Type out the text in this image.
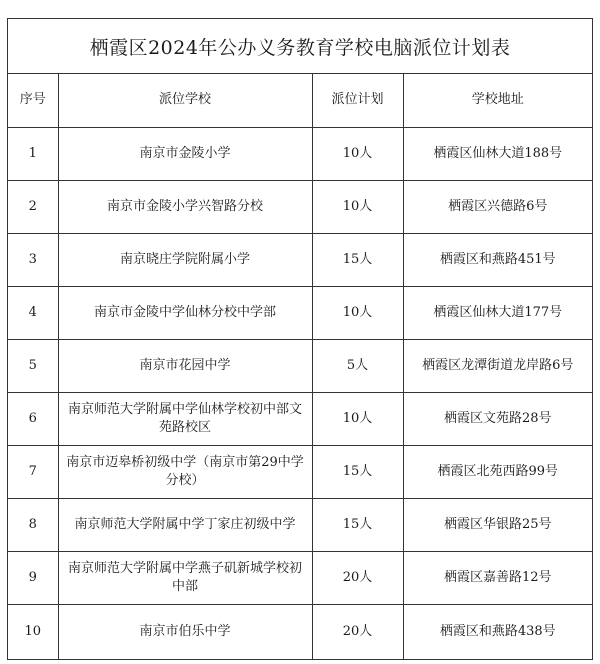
栖霞区2024年公办义务教育学校电脑派位计划表
序号	派位学校	派位计划	学校地址
1	南京市金陵小学	10人	栖霞区仙林大道188号
2	南京市金陵小学兴智路分校	10人	栖霞区兴德路6号
3	南京晓庄学院附属小学	15人	栖霞区和燕路451号
4	南京市金陵中学仙林分校中学部	10人	栖霞区仙林大道177号
5	南京市花园中学	5人	栖霞区龙潭街道龙岸路6号
6	南京师范大学附属中学仙林学校初中部文苑路校区	10人	栖霞区文苑路28号
7	南京市迈皋桥初级中学（南京市第29中学分校）	15人	栖霞区北苑西路99号
8	南京师范大学附属中学丁家庄初级中学	15人	栖霞区华银路25号
9	南京师范大学附属中学燕子矶新城学校初中部	20人	栖霞区嘉善路12号
10	南京市伯乐中学	20人	栖霞区和燕路438号
